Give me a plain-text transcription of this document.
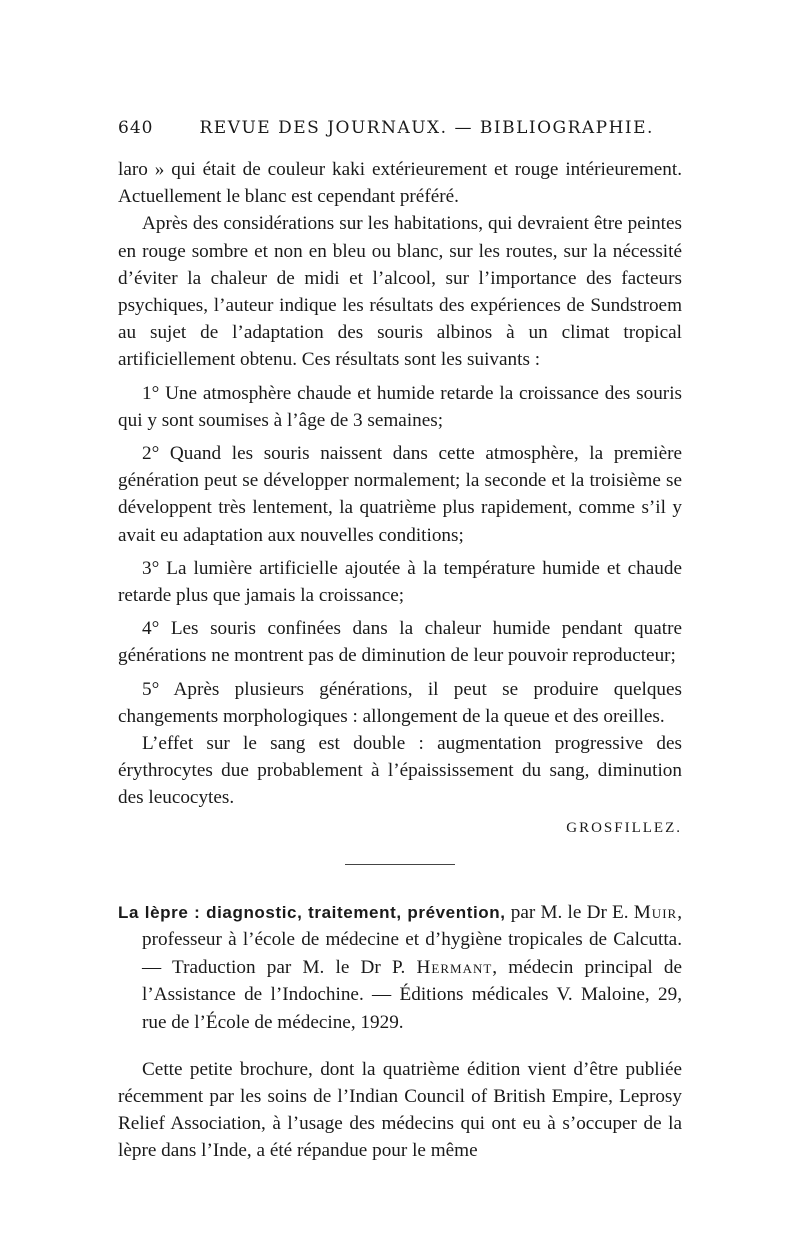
640	REVUE DES JOURNAUX. — BIBLIOGRAPHIE.

laro » qui était de couleur kaki extérieurement et rouge intérieurement. Actuellement le blanc est cependant préféré.

Après des considérations sur les habitations, qui devraient être peintes en rouge sombre et non en bleu ou blanc, sur les routes, sur la nécessité d’éviter la chaleur de midi et l’alcool, sur l’importance des facteurs psychiques, l’auteur indique les résultats des expériences de Sundstroem au sujet de l’adaptation des souris albinos à un climat tropical artificiellement obtenu. Ces résultats sont les suivants :

1° Une atmosphère chaude et humide retarde la croissance des souris qui y sont soumises à l’âge de 3 semaines;

2° Quand les souris naissent dans cette atmosphère, la première génération peut se développer normalement; la seconde et la troisième se développent très lentement, la quatrième plus rapidement, comme s’il y avait eu adaptation aux nouvelles conditions;

3° La lumière artificielle ajoutée à la température humide et chaude retarde plus que jamais la croissance;

4° Les souris confinées dans la chaleur humide pendant quatre générations ne montrent pas de diminution de leur pouvoir reproducteur;

5° Après plusieurs générations, il peut se produire quelques changements morphologiques : allongement de la queue et des oreilles.

L’effet sur le sang est double : augmentation progressive des érythrocytes due probablement à l’épaississement du sang, diminution des leucocytes.

GROSFILLEZ.

La lèpre : diagnostic, traitement, prévention, par M. le Dr E. Muir, professeur à l’école de médecine et d’hygiène tropicales de Calcutta. — Traduction par M. le Dr P. Hermant, médecin principal de l’Assistance de l’Indochine. — Éditions médicales V. Maloine, 29, rue de l’École de médecine, 1929.

Cette petite brochure, dont la quatrième édition vient d’être publiée récemment par les soins de l’Indian Council of British Empire, Leprosy Relief Association, à l’usage des médecins qui ont eu à s’occuper de la lèpre dans l’Inde, a été répandue pour le même
